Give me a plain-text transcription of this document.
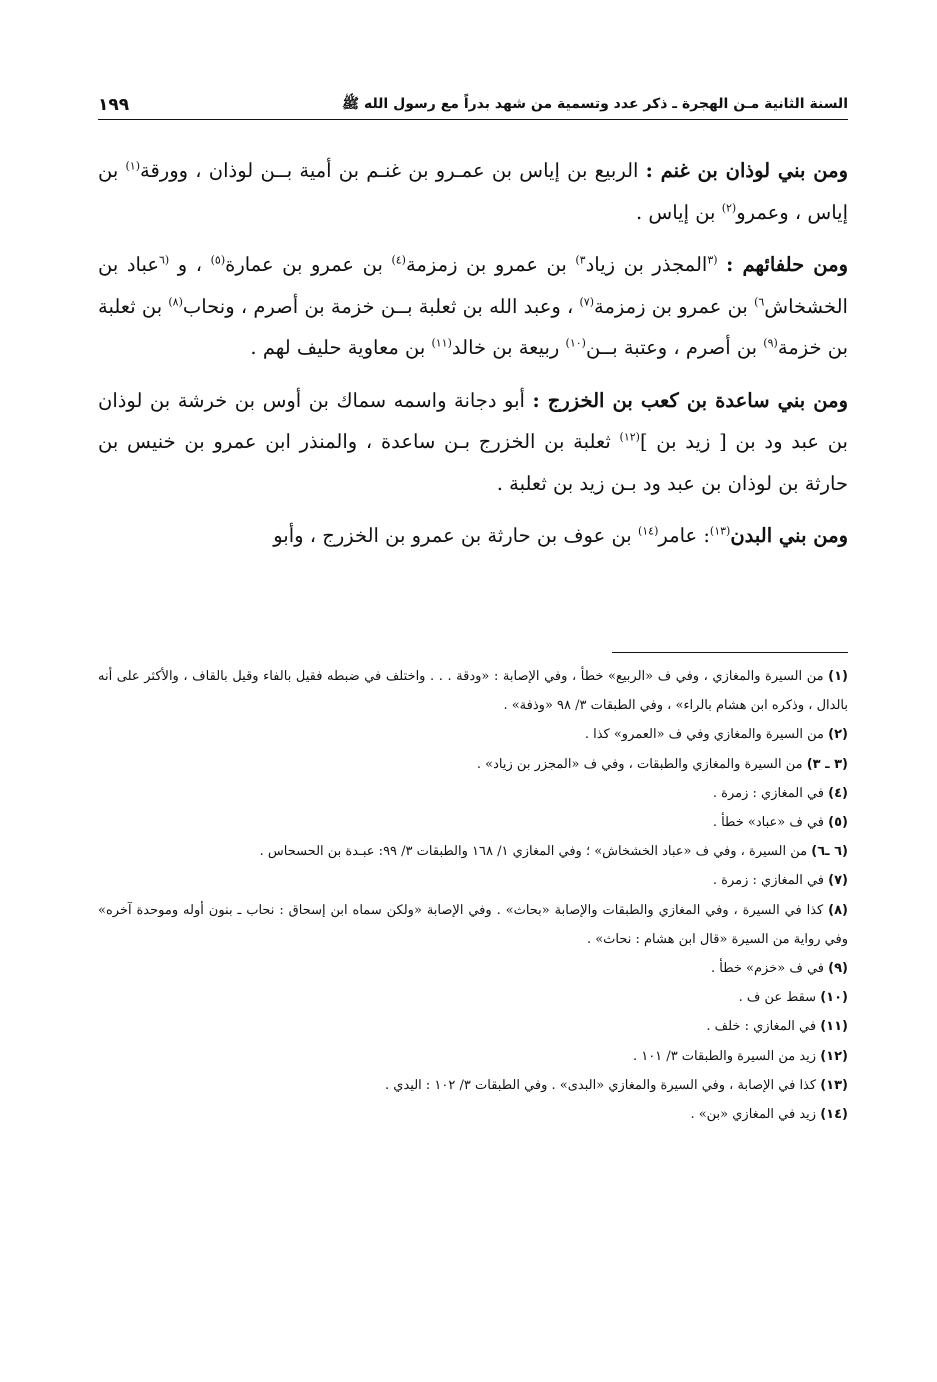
١٩٩	السنة الثانية مـن الهجرة ـ ذكر عدد وتسمية من شهد بدراً مع رسول الله ﷺ

ومن بني لوذان بن غنم : الربيع بن إياس بن عمـرو بن غنـم بن أمية بــن لوذان ، وورقة$^{(١)}$ بن إياس ، وعمرو$^{(٢)}$ بن إياس .

ومن حلفائهم : $^{(٣}$المجذر بن زياد$^{٣)}$ بن عمرو بن زمزمة$^{(٤)}$ بن عمرو بن عمارة$^{(٥)}$ ، و $^{(٦}$عباد بن الخشخاش$^{٦)}$ بن عمرو بن زمزمة$^{(٧)}$ ، وعبد الله بن ثعلبة بــن خزمة بن أصرم ، ونحاب$^{(٨)}$ بن ثعلبة بن خزمة$^{(٩)}$ بن أصرم ، وعتبة بــن$^{(١٠)}$ ربيعة بن خالد$^{(١١)}$ بن معاوية حليف لهم .

ومن بني ساعدة بن كعب بن الخزرج : أبو دجانة واسمه سماك بن أوس بن خرشة بن لوذان بن عبد ود بن [ زيد بن ]$^{(١٢)}$ ثعلبة بن الخزرج بـن ساعدة ، والمنذر ابن عمرو بن خنيس بن حارثة بن لوذان بن عبد ود بـن زيد بن ثعلبة .

ومن بني البدن$^{(١٣)}$: عامر$^{(١٤)}$ بن عوف بن حارثة بن عمرو بن الخزرج ، وأبو

(١) من السيرة والمغازي ، وفي ف «الربيع» خطأ ، وفي الإصابة : «ودقة . . . واختلف في ضبطه فقيل بالفاء وقيل بالقاف ، والأكثر على أنه بالدال ، وذكره ابن هشام بالراء» ، وفي الطبقات ٣/ ٩٨ «وذفة» .

(٢) من السيرة والمغازي وفي ف «العمرو» كذا .

(٣ ـ ٣) من السيرة والمغازي والطبقات ، وفي ف «المجزر بن زياد» .

(٤) في المغازي : زمرة .

(٥) في ف «عباد» خطأ .

(٦ ـ٦) من السيرة ، وفي ف «عباد الخشخاش» ؛ وفي المغازي ١/ ١٦٨ والطبقات ٣/ ٩٩: عبـدة بن الحسحاس .

(٧) في المغازي : زمرة .

(٨) كذا في السيرة ، وفي المغازي والطبقات والإصابة «بحاث» . وفي الإصابة «ولكن سماه ابن إسحاق : نحاب ـ بنون أوله وموحدة آخره» وفي رواية من السيرة «قال ابن هشام : نحاث» .

(٩) في ف «خزم» خطأ .

(١٠) سقط عن ف .

(١١) في المغازي : خلف .

(١٢) زيد من السيرة والطبقات ٣/ ١٠١ .

(١٣) كذا في الإصابة ، وفي السيرة والمغازي «البدى» . وفي الطبقات ٣/ ١٠٢ : اليدي .

(١٤) زيد في المغازي «بن» .
